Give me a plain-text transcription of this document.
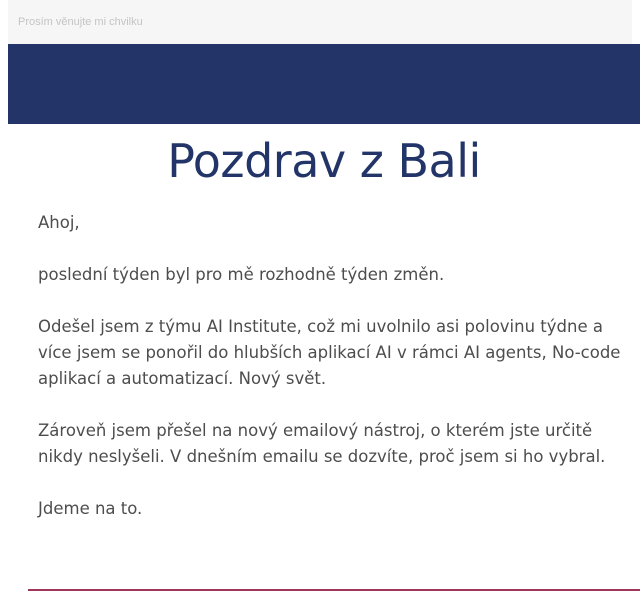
Prosím věnujte mi chvilku
Pozdrav z Bali

Ahoj,

poslední týden byl pro mě rozhodně týden změn.

Odešel jsem z týmu AI Institute, což mi uvolnilo asi polovinu týdne a více jsem se ponořil do hlubších aplikací AI v rámci AI agents, No-code aplikací a automatizací. Nový svět.

Zároveň jsem přešel na nový emailový nástroj, o kterém jste určitě nikdy neslyšeli. V dnešním emailu se dozvíte, proč jsem si ho vybral.

Jdeme na to.
